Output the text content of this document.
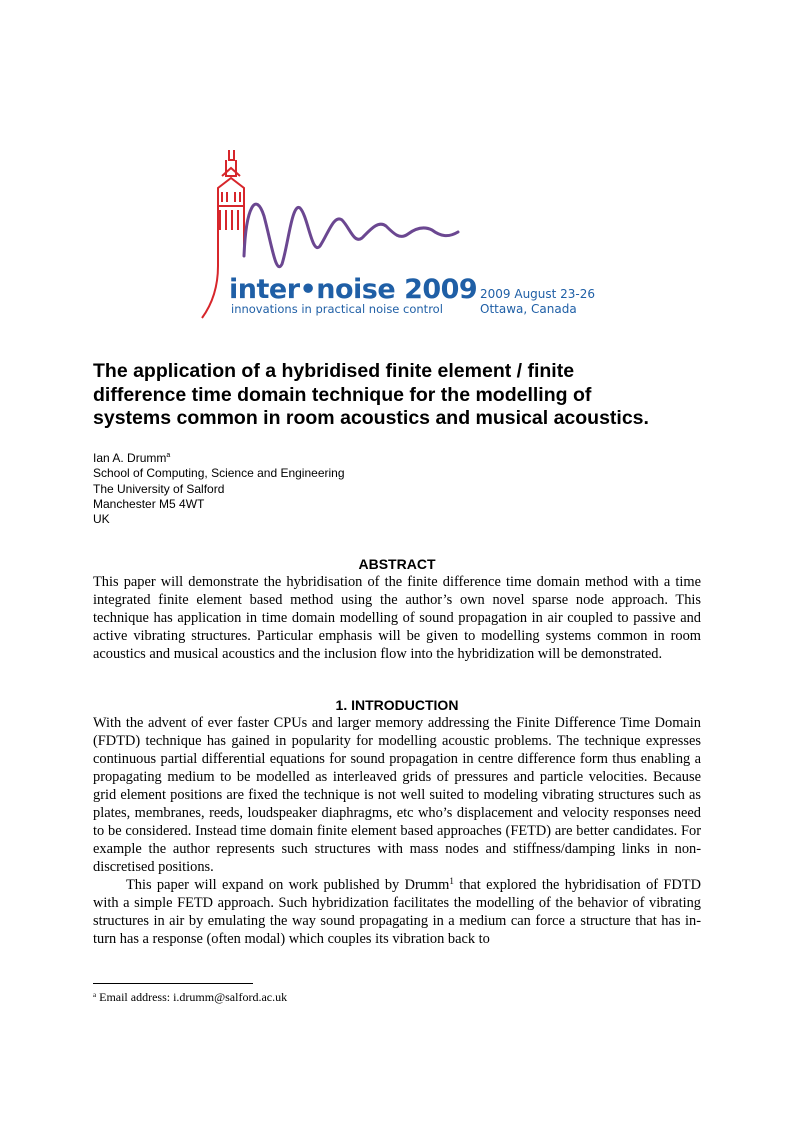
inter•noise 2009
innovations in practical noise control
2009 August 23-26
Ottawa, Canada
The application of a hybridised finite element / finite
difference time domain technique for the modelling of
systems common in room acoustics and musical acoustics.
Ian A. Drumm$^a$
School of Computing, Science and Engineering
The University of Salford
Manchester M5 4WT
UK
ABSTRACT

This paper will demonstrate the hybridisation of the finite difference time domain method with a time integrated finite element based method using the author’s own novel sparse node approach. This technique has application in time domain modelling of sound propagation in air coupled to passive and active vibrating structures. Particular emphasis will be given to modelling systems common in room acoustics and musical acoustics and the inclusion flow into the hybridization will be demonstrated.

1. INTRODUCTION

With the advent of ever faster CPUs and larger memory addressing the Finite Difference Time Domain (FDTD) technique has gained in popularity for modelling acoustic problems. The technique expresses continuous partial differential equations for sound propagation in centre difference form thus enabling a propagating medium to be modelled as interleaved grids of pressures and particle velocities. Because grid element positions are fixed the technique is not well suited to modeling vibrating structures such as plates, membranes, reeds, loudspeaker diaphragms, etc who’s displacement and velocity responses need to be considered. Instead time domain finite element based approaches (FETD) are better candidates. For example the author represents such structures with mass nodes and stiffness/damping links in non-discretised positions.

This paper will expand on work published by Drumm$^1$ that explored the hybridisation of FDTD with a simple FETD approach. Such hybridization facilitates the modelling of the behavior of vibrating structures in air by emulating the way sound propagating in a medium can force a structure that has in-turn has a response (often modal) which couples its vibration back to

$^a$ Email address: i.drumm@salford.ac.uk
